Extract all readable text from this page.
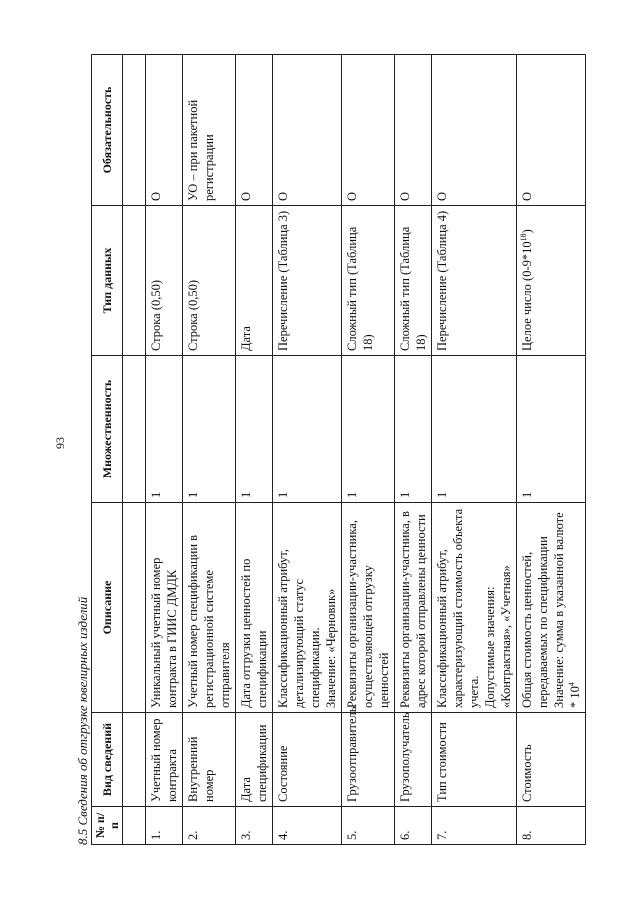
93
8.5 Сведения об отгрузке ювелирных изделий № п/п	Вид сведений	Описание	Множественность	Тип данных	Обязательность

1.	Учетный номер контракта	Уникальный учетный номер контракта в ГИИС ДМДК	1	Строка (0,50)	О
2.	Внутренний номер	Учетный номер спецификации в регистрационной системе отправителя	1	Строка (0,50)	УО – при пакетной регистрации
3.	Дата спецификации	Дата отгрузки ценностей по спецификации	1	Дата	О
4.	Состояние	Классификационный атрибут, детализирующий статус спецификации.
Значение: «Черновик»	1	Перечисление (Таблица 3)	О
5.	Грузоотправитель	Реквизиты организации-участника, осуществляющей отгрузку ценностей	1	Сложный тип (Таблица 18)	О
6.	Грузополучатель	Реквизиты организации-участника, в адрес которой отправлены ценности	1	Сложный тип (Таблица 18)	О
7.	Тип стоимости	Классификационный атрибут, характеризующий стоимость объекта учета.
Допустимые значения:
«Контрактная», «Учетная»	1	Перечисление (Таблица 4)	О
8.	Стоимость	Общая стоимость ценностей, передаваемых по спецификации
Значение: сумма в указанной валюте * $10^4$	1	Целое число $(0-9*10^{18})$	О
